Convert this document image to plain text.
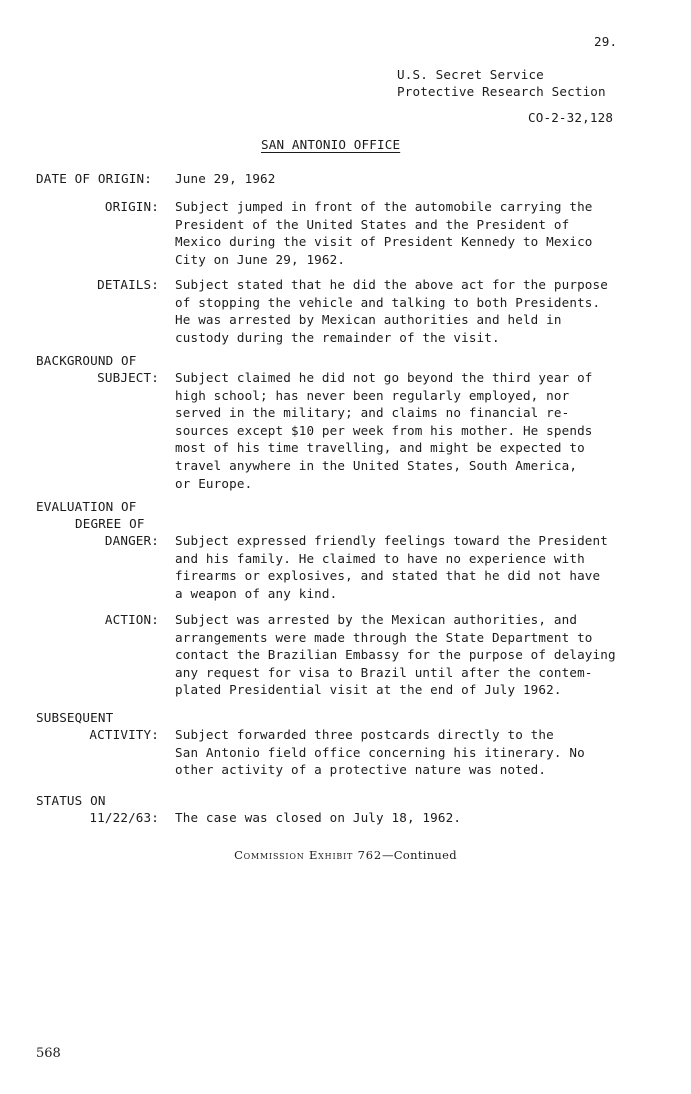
29.
U.S. Secret Service
Protective Research Section
CO-2-32,128
SAN ANTONIO OFFICE
DATE OF ORIGIN: June 29, 1962
ORIGIN: Subject jumped in front of the automobile carrying the
President of the United States and the President of
Mexico during the visit of President Kennedy to Mexico
City on June 29, 1962.
DETAILS: Subject stated that he did the above act for the purpose
of stopping the vehicle and talking to both Presidents.
He was arrested by Mexican authorities and held in
custody during the remainder of the visit.
BACKGROUND OF
SUBJECT: Subject claimed he did not go beyond the third year of
high school; has never been regularly employed, nor
served in the military; and claims no financial re-
sources except $10 per week from his mother. He spends
most of his time travelling, and might be expected to
travel anywhere in the United States, South America,
or Europe.
EVALUATION OF
DEGREE OF
DANGER: Subject expressed friendly feelings toward the President
and his family. He claimed to have no experience with
firearms or explosives, and stated that he did not have
a weapon of any kind.
ACTION: Subject was arrested by the Mexican authorities, and
arrangements were made through the State Department to
contact the Brazilian Embassy for the purpose of delaying
any request for visa to Brazil until after the contem-
plated Presidential visit at the end of July 1962.
SUBSEQUENT
ACTIVITY: Subject forwarded three postcards directly to the
San Antonio field office concerning his itinerary. No
other activity of a protective nature was noted.
STATUS ON
11/22/63: The case was closed on July 18, 1962.
Commission Exhibit 762—Continued
568
